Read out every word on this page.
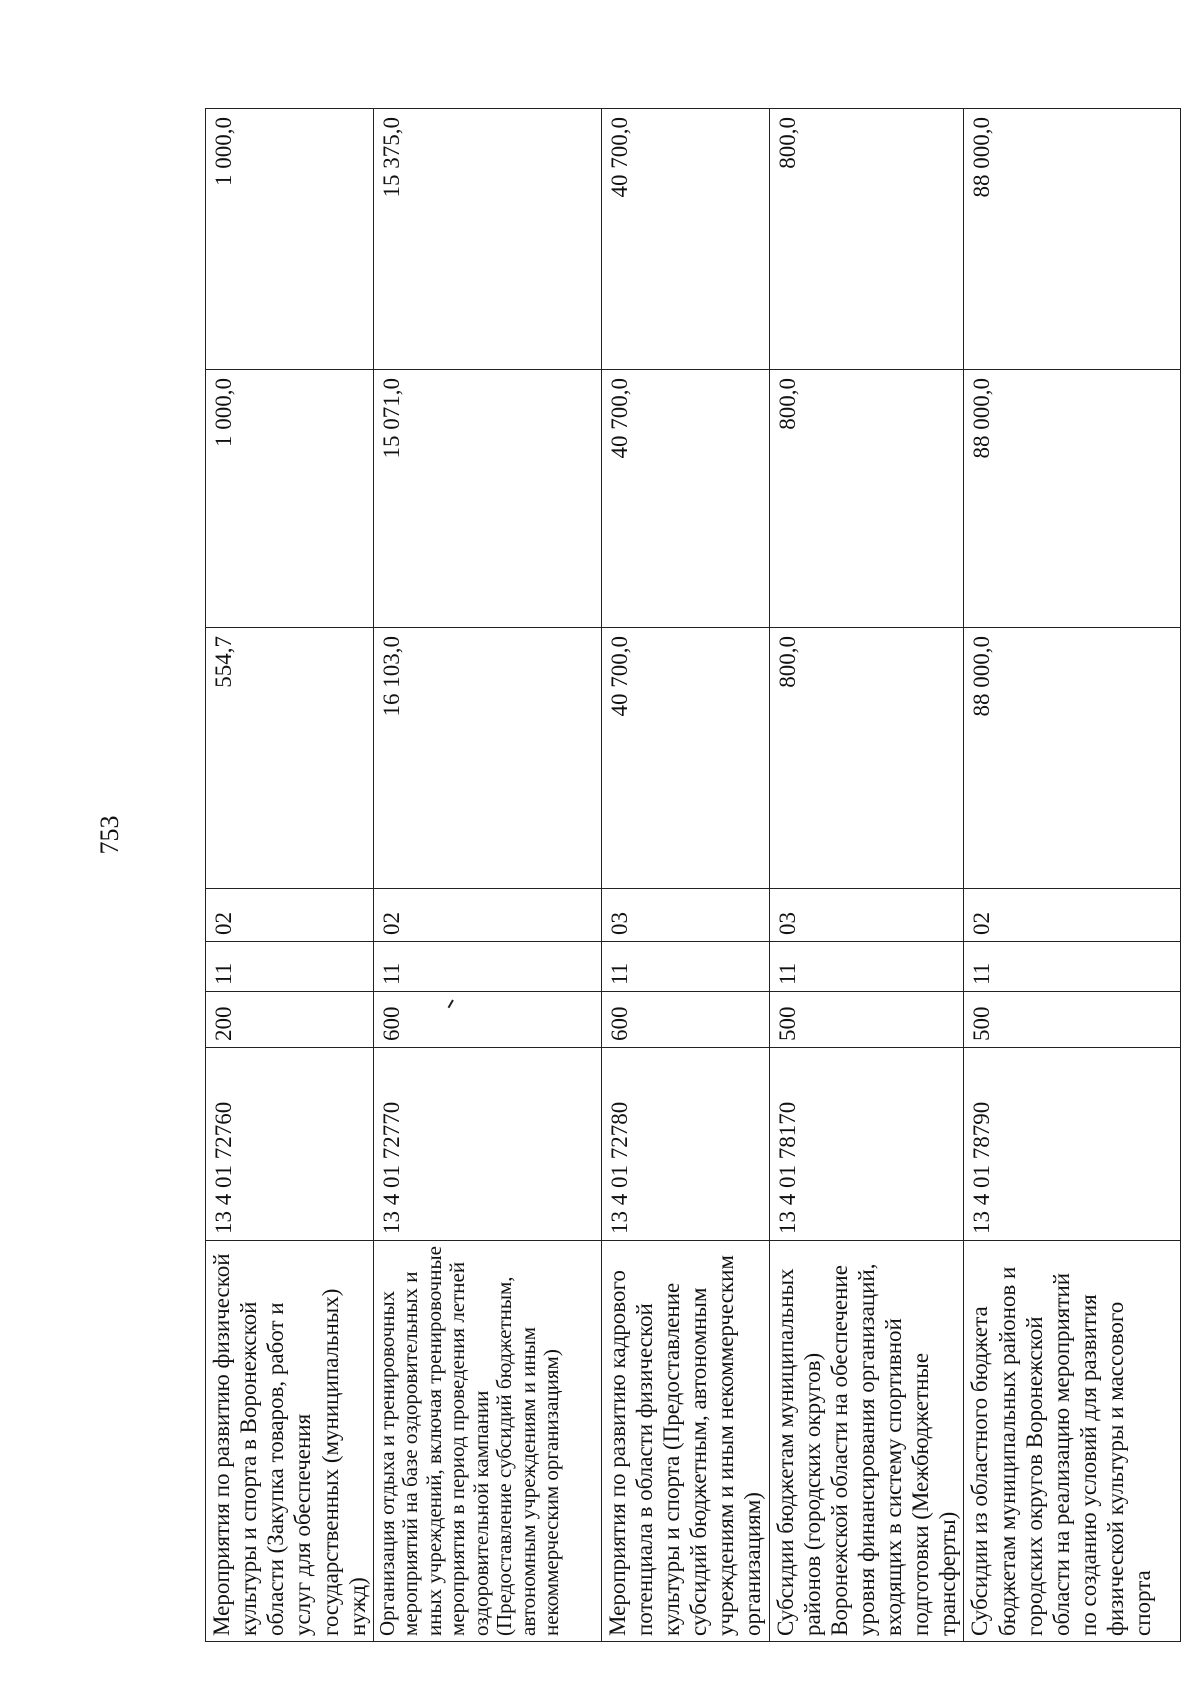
753
Мероприятия по развитию физической культуры и спорта в Воронежской области (Закупка товаров, работ и услуг для обеспечения государственных (муниципальных) нужд)	13 4 01 72760	200	11	02	554,7	1 000,0	1 000,0
Организация отдыха и тренировочных мероприятий на базе оздоровительных и иных учреждений, включая тренировочные мероприятия в период проведения летней оздоровительной кампании (Предоставление субсидий бюджетным, автономным учреждениям и иным некоммерческим организациям)	13 4 01 72770	600	11	02	16 103,0	15 071,0	15 375,0
Мероприятия по развитию кадрового потенциала в области физической культуры и спорта (Предоставление субсидий бюджетным, автономным учреждениям и иным некоммерческим организациям)	13 4 01 72780	600	11	03	40 700,0	40 700,0	40 700,0
Субсидии бюджетам муниципальных районов (городских округов) Воронежской области на обеспечение уровня финансирования организаций, входящих в систему спортивной подготовки (Межбюджетные трансферты)	13 4 01 78170	500	11	03	800,0	800,0	800,0
Субсидии из областного бюджета бюджетам муниципальных районов и городских округов Воронежской области на реализацию мероприятий по созданию условий для развития физической культуры и массового спорта	13 4 01 78790	500	11	02	88 000,0	88 000,0	88 000,0
